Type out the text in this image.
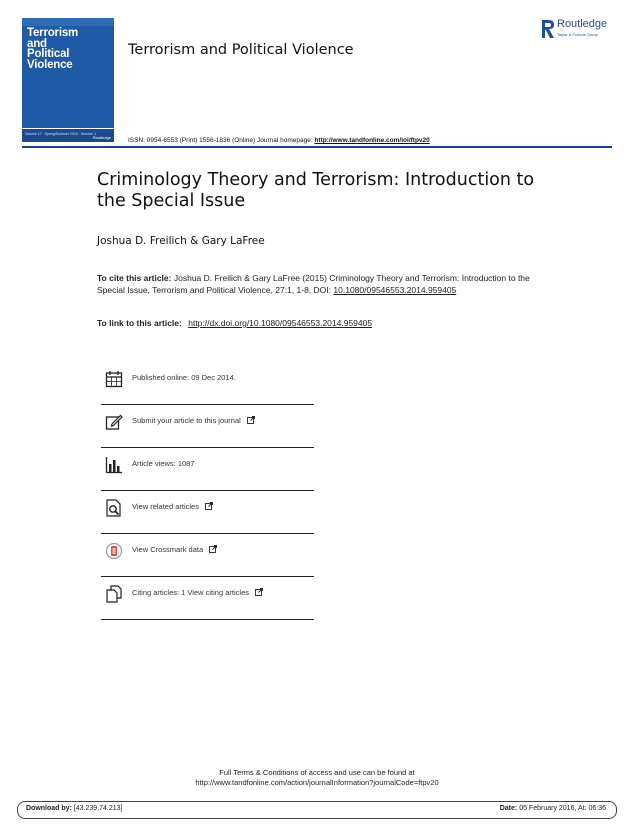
Terrorism
and
Political
Violence
Volume 17 · Spring/Summer 2015 · Number 1
Routledge
Terrorism and Political Violence
Routledge
Taylor & Francis Group
ISSN: 0954-6553 (Print) 1556-1836 (Online) Journal homepage: http://www.tandfonline.com/loi/ftpv20
Criminology Theory and Terrorism: Introduction to the Special Issue
Joshua D. Freilich & Gary LaFree
To cite this article: Joshua D. Freilich & Gary LaFree (2015) Criminology Theory and Terrorism: Introduction to the Special Issue, Terrorism and Political Violence, 27:1, 1-8, DOI: 10.1080/09546553.2014.959405
To link to this article: http://dx.doi.org/10.1080/09546553.2014.959405
Published online: 09 Dec 2014.
Submit your article to this journal
Article views: 1087
View related articles
View Crossmark data
Citing articles: 1 View citing articles
Full Terms & Conditions of access and use can be found at
http://www.tandfonline.com/action/journalInformation?journalCode=ftpv20
Download by: [43.239.74.213]	Date: 05 February 2016, At: 06:36
